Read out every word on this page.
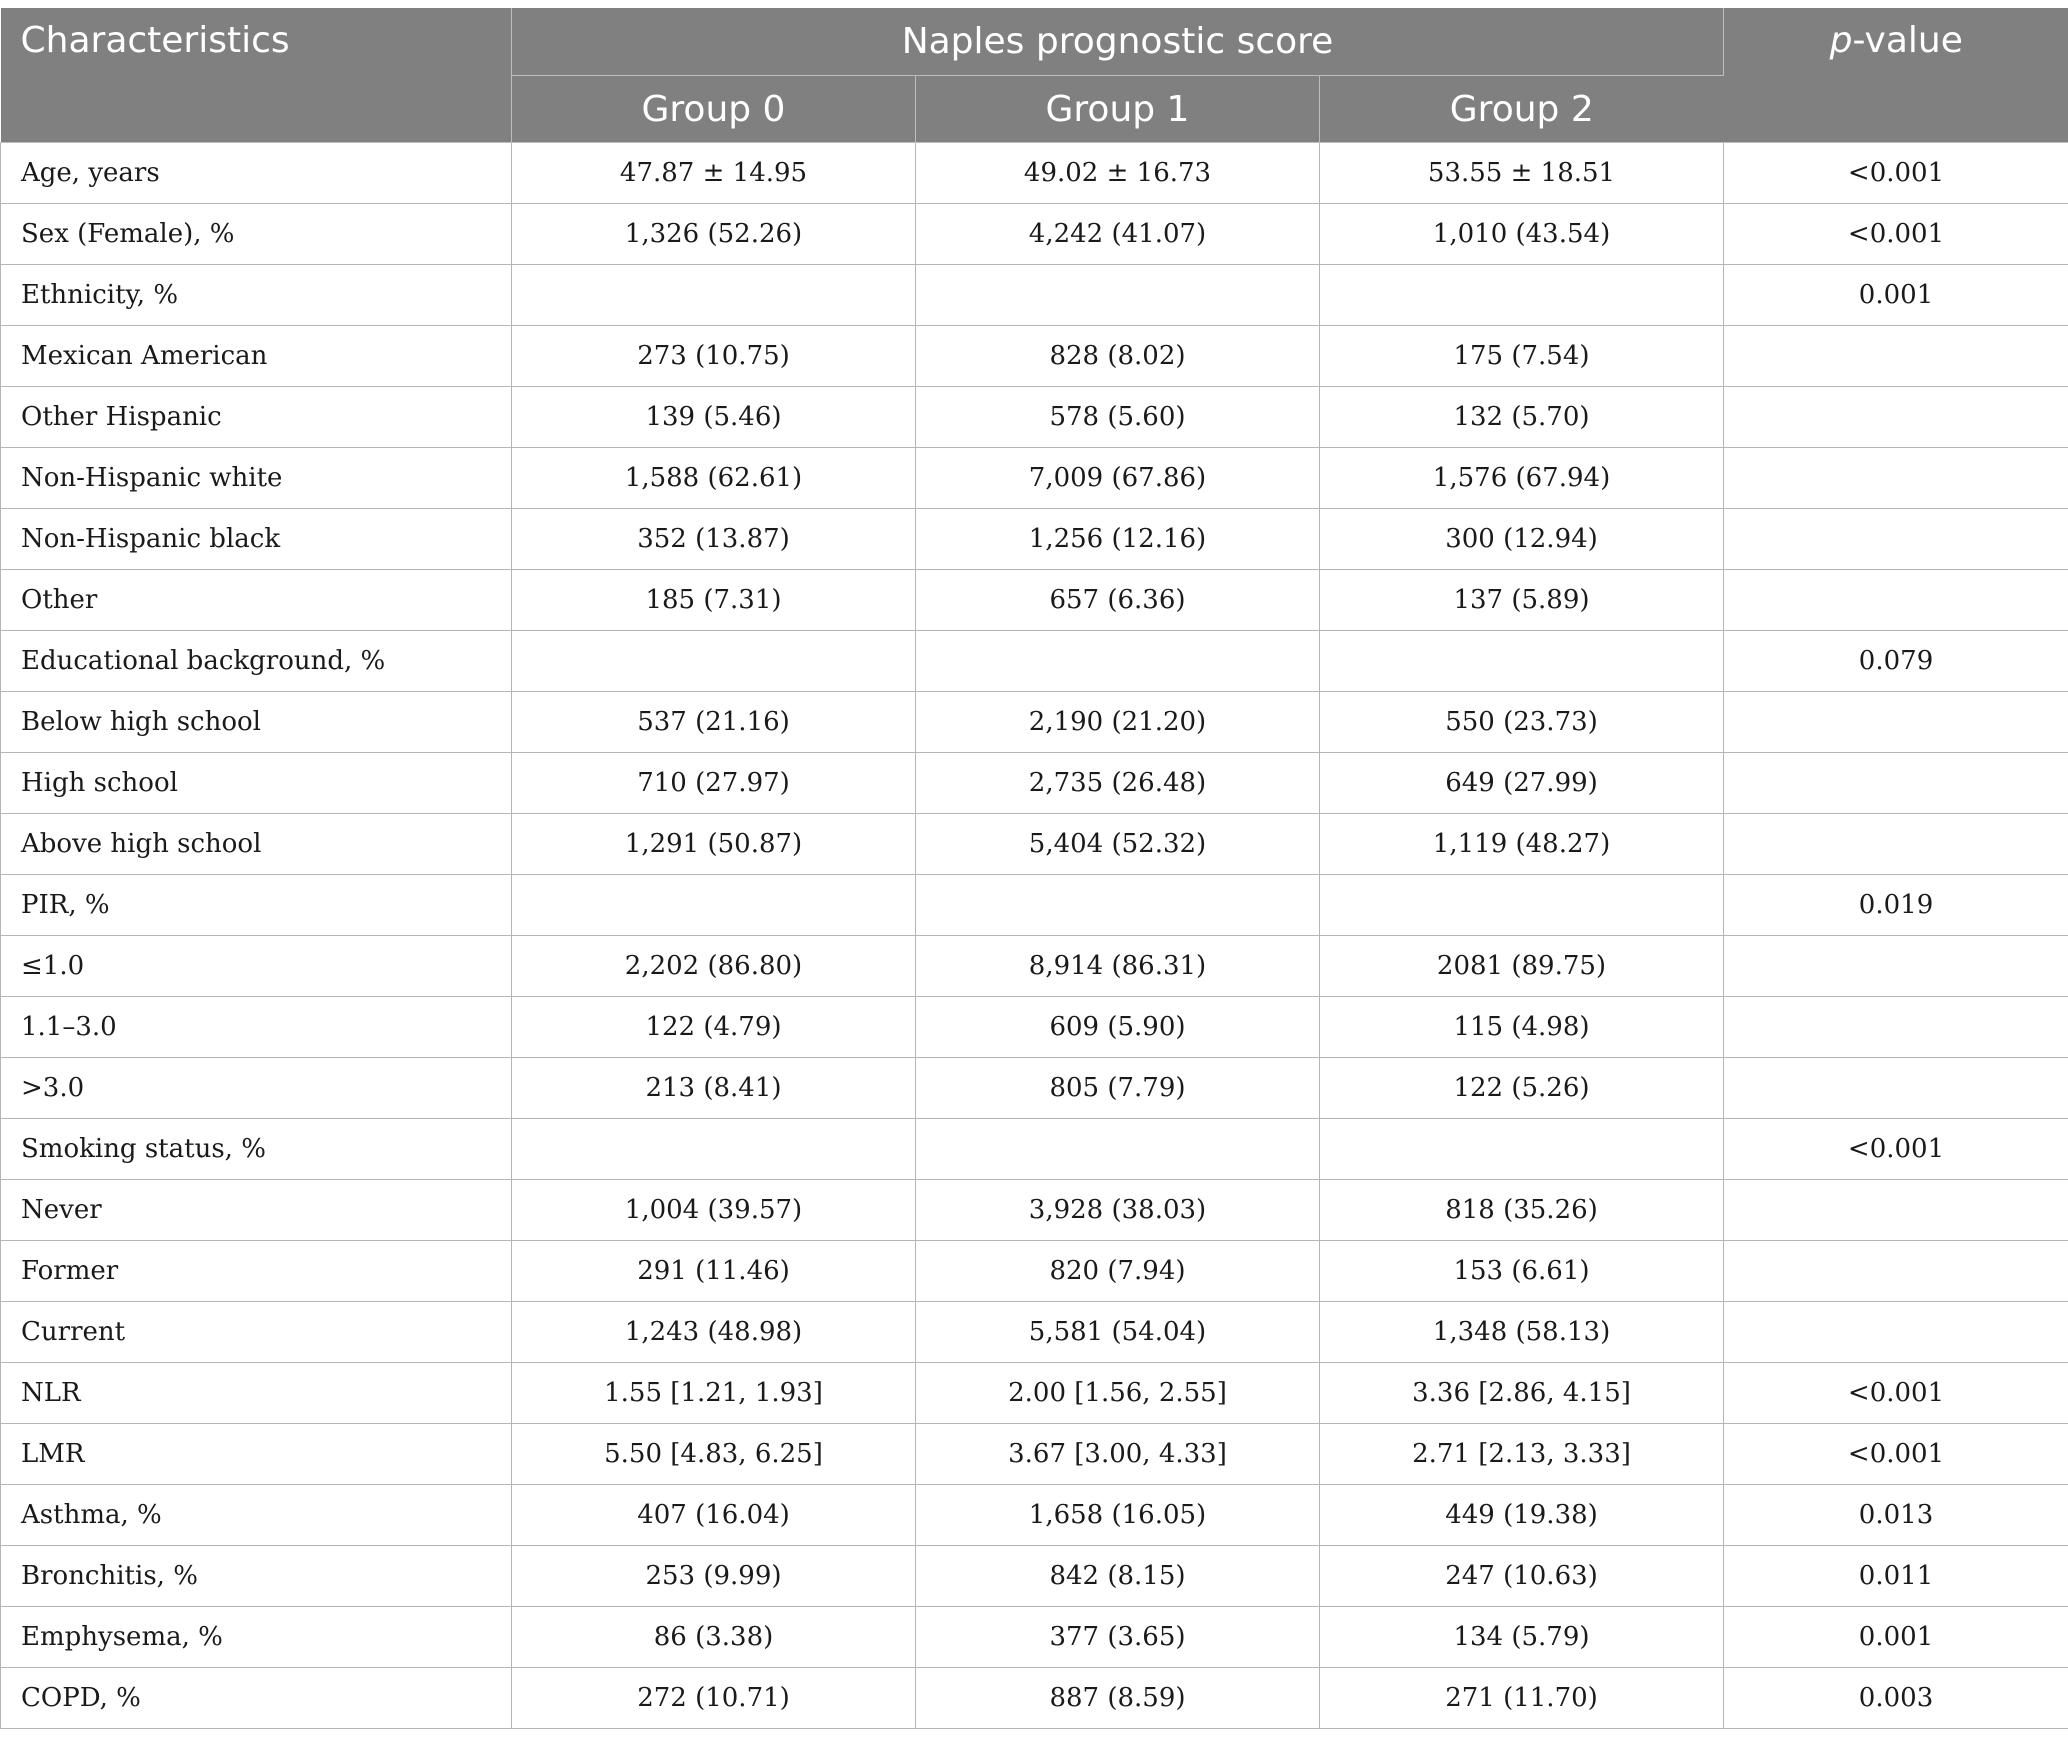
Characteristics	Naples prognostic score			p-value
	Group 0	Group 1	Group 2	
Age, years	47.87 ± 14.95	49.02 ± 16.73	53.55 ± 18.51	<0.001
Sex (Female), %	1,326 (52.26)	4,242 (41.07)	1,010 (43.54)	<0.001
Ethnicity, %				0.001
Mexican American	273 (10.75)	828 (8.02)	175 (7.54)	
Other Hispanic	139 (5.46)	578 (5.60)	132 (5.70)	
Non-Hispanic white	1,588 (62.61)	7,009 (67.86)	1,576 (67.94)	
Non-Hispanic black	352 (13.87)	1,256 (12.16)	300 (12.94)	
Other	185 (7.31)	657 (6.36)	137 (5.89)	
Educational background, %				0.079
Below high school	537 (21.16)	2,190 (21.20)	550 (23.73)	
High school	710 (27.97)	2,735 (26.48)	649 (27.99)	
Above high school	1,291 (50.87)	5,404 (52.32)	1,119 (48.27)	
PIR, %				0.019
≤1.0	2,202 (86.80)	8,914 (86.31)	2081 (89.75)	
1.1–3.0	122 (4.79)	609 (5.90)	115 (4.98)	
>3.0	213 (8.41)	805 (7.79)	122 (5.26)	
Smoking status, %				<0.001
Never	1,004 (39.57)	3,928 (38.03)	818 (35.26)	
Former	291 (11.46)	820 (7.94)	153 (6.61)	
Current	1,243 (48.98)	5,581 (54.04)	1,348 (58.13)	
NLR	1.55 [1.21, 1.93]	2.00 [1.56, 2.55]	3.36 [2.86, 4.15]	<0.001
LMR	5.50 [4.83, 6.25]	3.67 [3.00, 4.33]	2.71 [2.13, 3.33]	<0.001
Asthma, %	407 (16.04)	1,658 (16.05)	449 (19.38)	0.013
Bronchitis, %	253 (9.99)	842 (8.15)	247 (10.63)	0.011
Emphysema, %	86 (3.38)	377 (3.65)	134 (5.79)	0.001
COPD, %	272 (10.71)	887 (8.59)	271 (11.70)	0.003
